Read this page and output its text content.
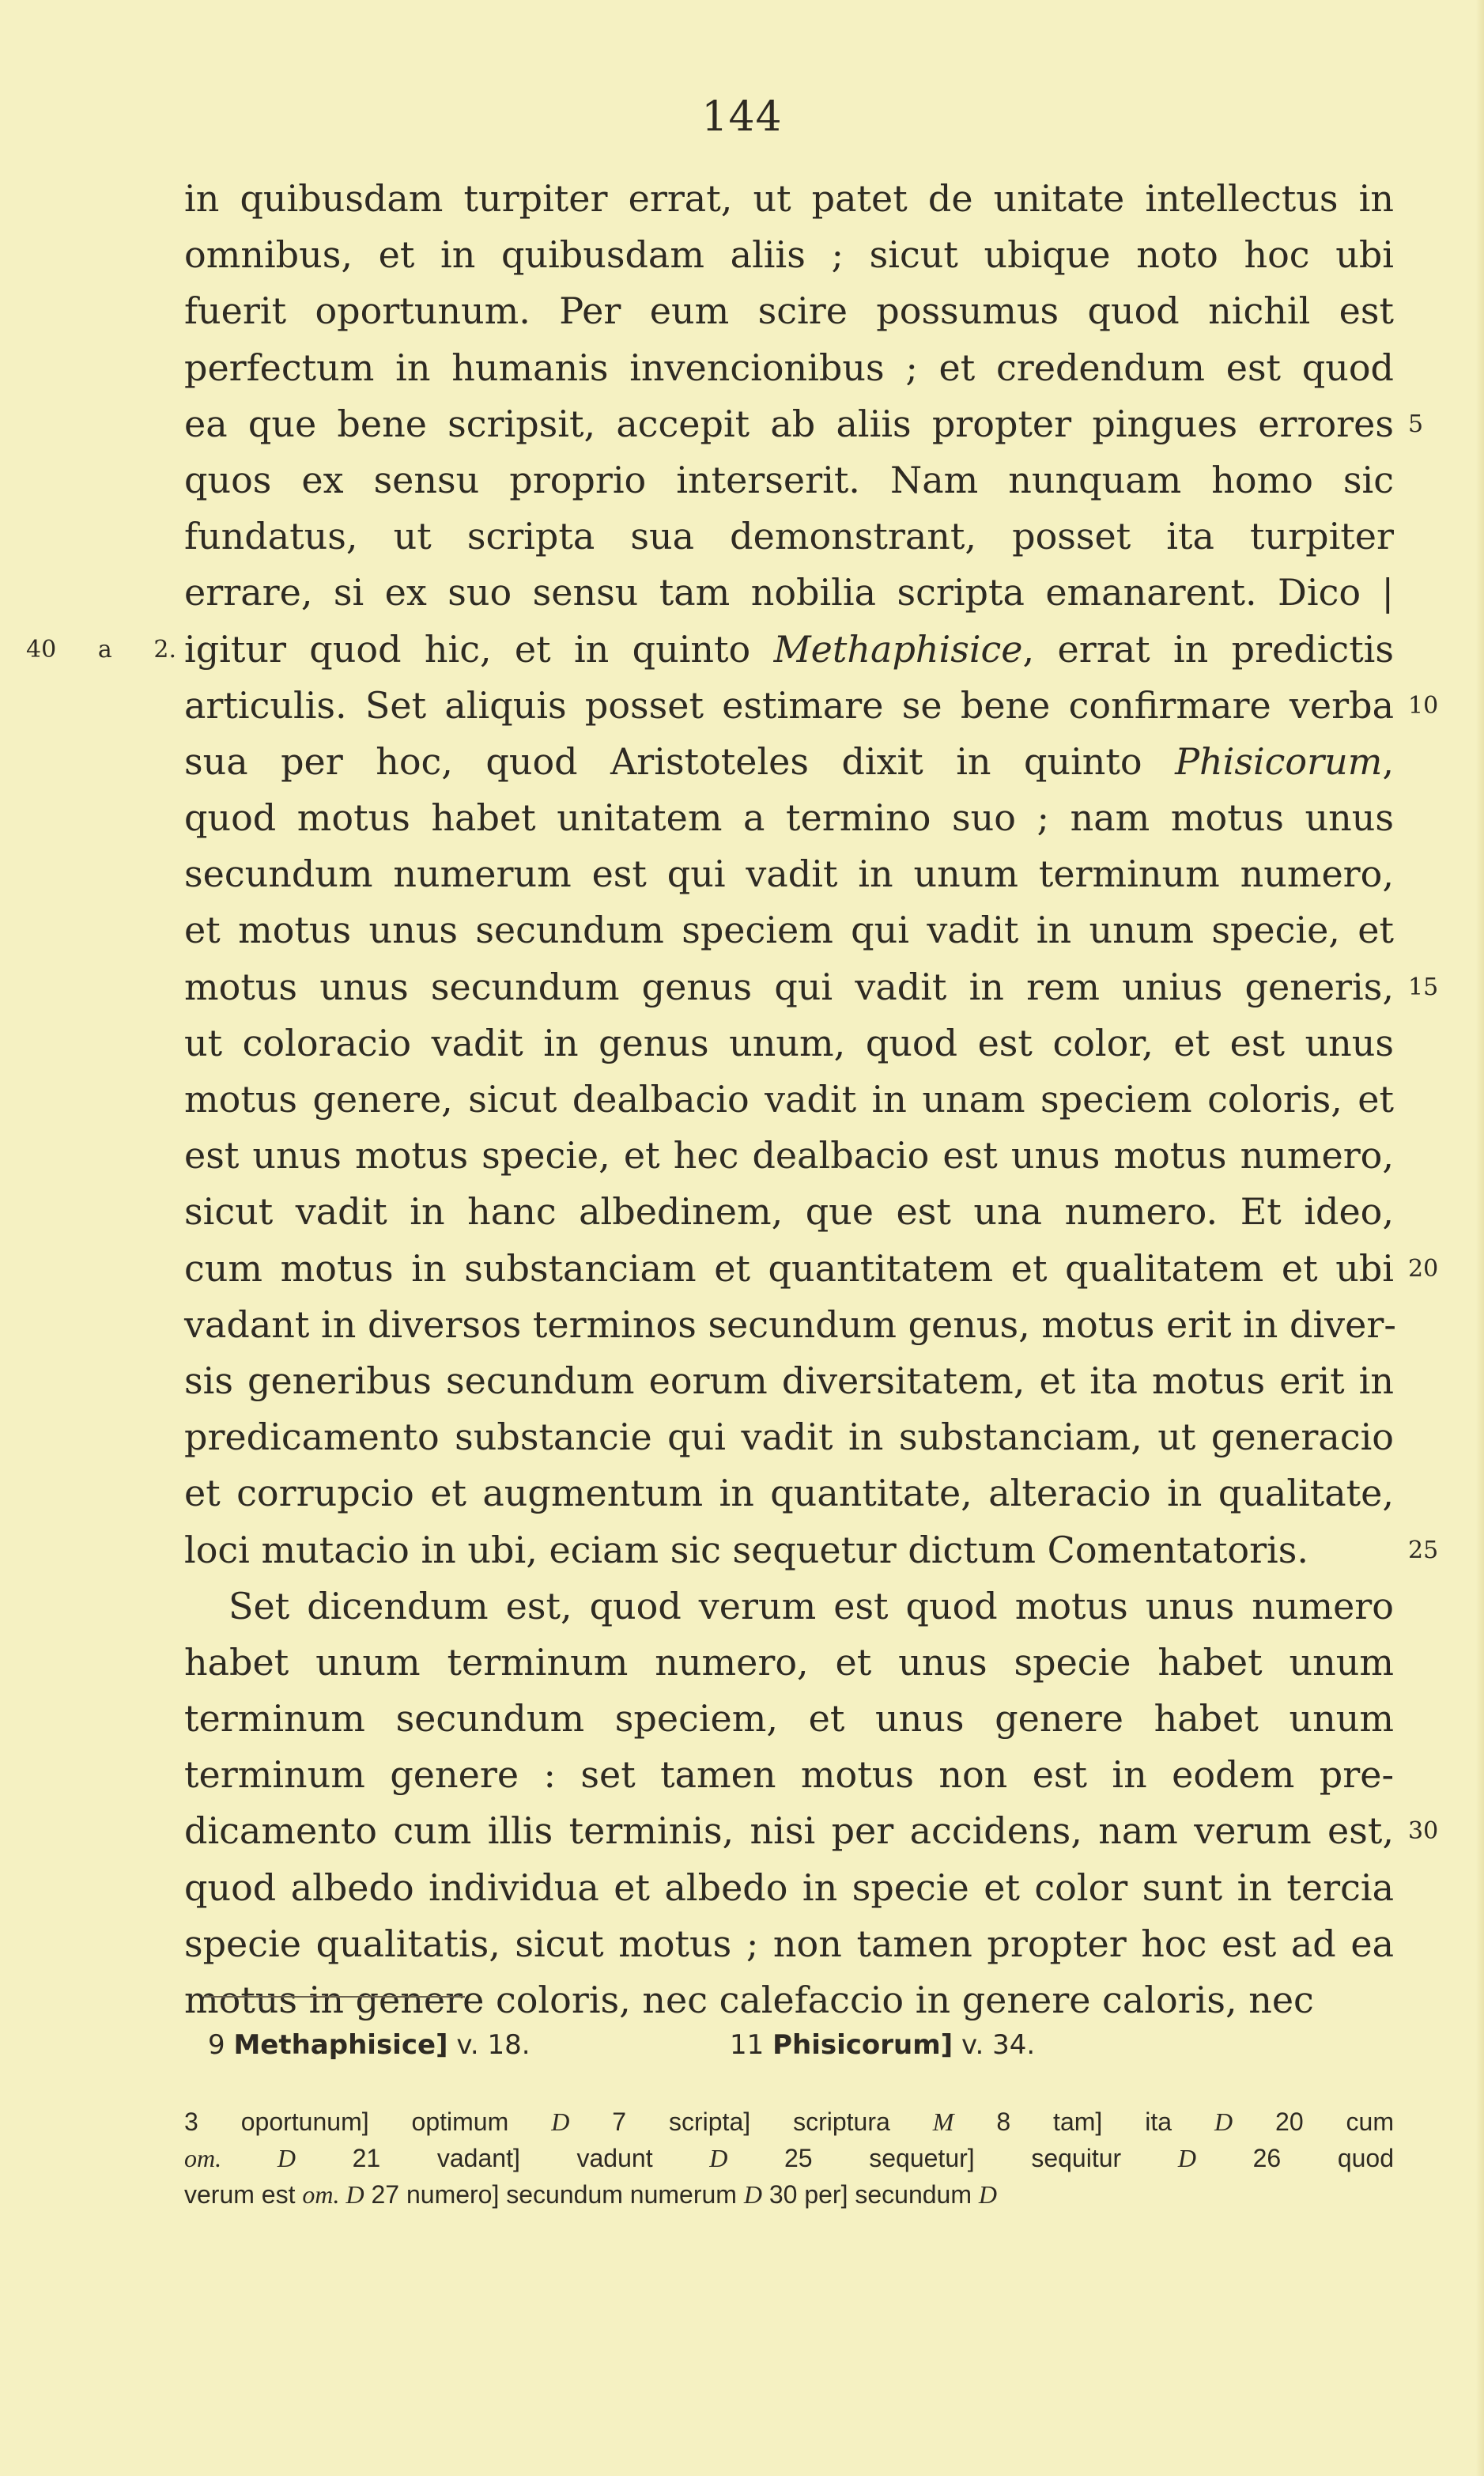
144
in quibusdam turpiter errat, ut patet de unitate intellectus in
omnibus, et in quibusdam aliis ; sicut ubique noto hoc ubi
fuerit oportunum. Per eum scire possumus quod nichil est
perfectum in humanis invencionibus ; et credendum est quod
ea que bene scripsit, accepit ab aliis propter pingues errores 5
quos ex sensu proprio interserit. Nam nunquam homo sic
fundatus, ut scripta sua demonstrant, posset ita turpiter
errare, si ex suo sensu tam nobilia scripta emanarent. Dico |
igitur quod hic, et in quinto Methaphisice, errat in predictis
40 a 2.
articulis. Set aliquis posset estimare se bene confirmare verba 10
sua per hoc, quod Aristoteles dixit in quinto Phisicorum,
quod motus habet unitatem a termino suo ; nam motus unus
secundum numerum est qui vadit in unum terminum numero,
et motus unus secundum speciem qui vadit in unum specie, et
motus unus secundum genus qui vadit in rem unius generis, 15
ut coloracio vadit in genus unum, quod est color, et est unus
motus genere, sicut dealbacio vadit in unam speciem coloris, et
est unus motus specie, et hec dealbacio est unus motus numero,
sicut vadit in hanc albedinem, que est una numero. Et ideo,
cum motus in substanciam et quantitatem et qualitatem et ubi 20
vadant in diversos terminos secundum genus, motus erit in diver-
sis generibus secundum eorum diversitatem, et ita motus erit in
predicamento substancie qui vadit in substanciam, ut generacio
et corrupcio et augmentum in quantitate, alteracio in qualitate,
loci mutacio in ubi, eciam sic sequetur dictum Comentatoris.	25
Set dicendum est, quod verum est quod motus unus numero
habet unum terminum numero, et unus specie habet unum
terminum secundum speciem, et unus genere habet unum
terminum genere : set tamen motus non est in eodem pre-
dicamento cum illis terminis, nisi per accidens, nam verum est, 30
quod albedo individua et albedo in specie et color sunt in tercia
specie qualitatis, sicut motus ; non tamen propter hoc est ad ea
motus in genere coloris, nec calefaccio in genere caloris, nec
9 Methaphisice] v. 18.	11 Phisicorum] v. 34.
3 oportunum] optimum D 7 scripta] scriptura M 8 tam] ita D 20 cum
om. D 21 vadant] vadunt D 25 sequetur] sequitur D 26 quod
verum est om. D 27 numero] secundum numerum D 30 per] secundum D
